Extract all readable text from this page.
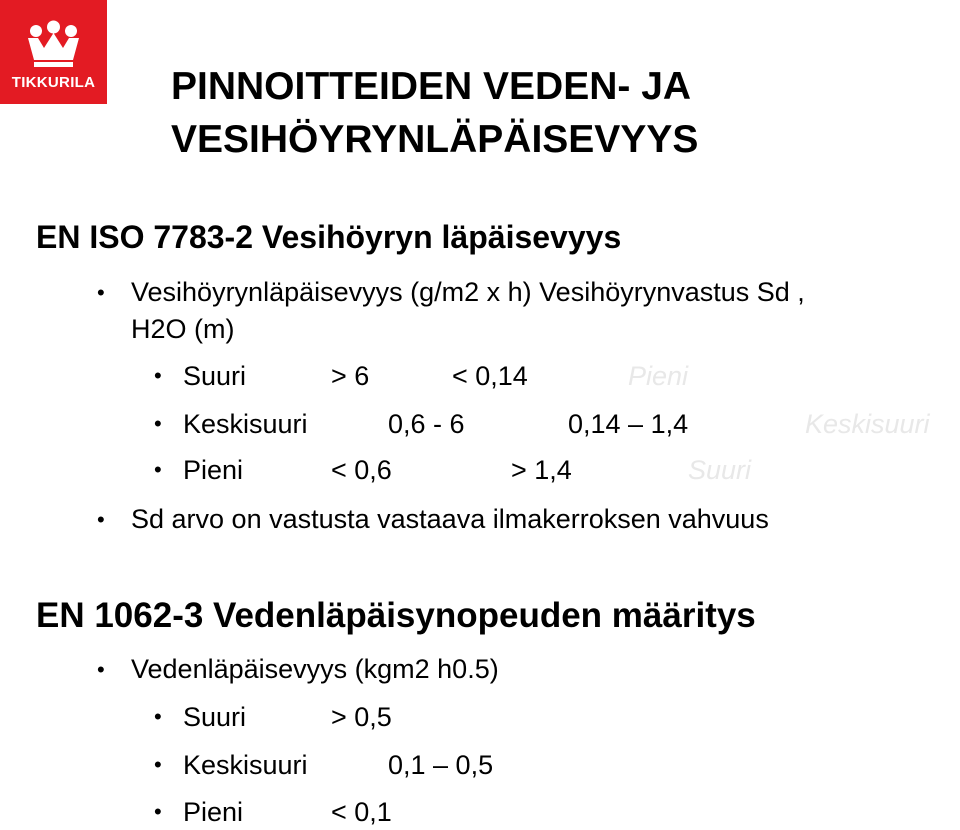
TIKKURILA	PINNOITTEIDEN VEDEN- JA
VESIHÖYRYNLÄPÄISEVYYS
EN ISO 7783-2 Vesihöyryn läpäisevyys
• Vesihöyrynläpäisevyys (g/m2 x h) Vesihöyrynvastus Sd ,
H2O (m)
• Suuri	> 6	< 0,14	Pieni
• Keskisuuri	0,6 - 6	0,14 – 1,4	Keskisuuri
• Pieni	< 0,6	> 1,4	Suuri
• Sd arvo on vastusta vastaava ilmakerroksen vahvuus
EN 1062-3 Vedenläpäisynopeuden määritys
• Vedenläpäisevyys (kgm2 h0.5)
• Suuri	> 0,5
• Keskisuuri	0,1 – 0,5
• Pieni	< 0,1
